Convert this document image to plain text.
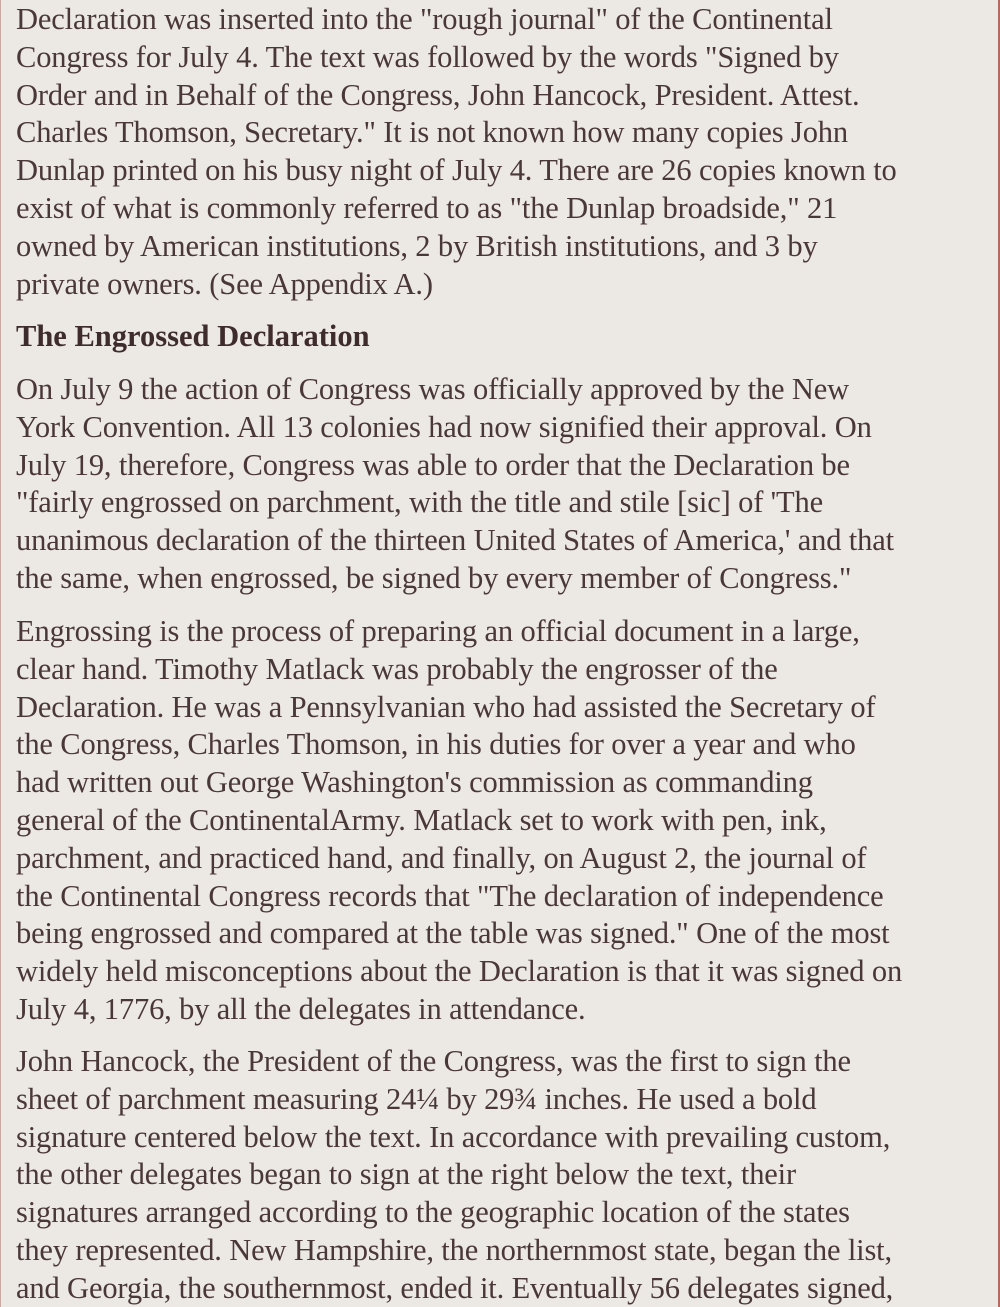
Declaration was inserted into the "rough journal" of the Continental
Congress for July 4. The text was followed by the words "Signed by
Order and in Behalf of the Congress, John Hancock, President. Attest.
Charles Thomson, Secretary." It is not known how many copies John
Dunlap printed on his busy night of July 4. There are 26 copies known to
exist of what is commonly referred to as "the Dunlap broadside," 21
owned by American institutions, 2 by British institutions, and 3 by
private owners. (See Appendix A.)

The Engrossed Declaration

On July 9 the action of Congress was officially approved by the New
York Convention. All 13 colonies had now signified their approval. On
July 19, therefore, Congress was able to order that the Declaration be
"fairly engrossed on parchment, with the title and stile [sic] of 'The
unanimous declaration of the thirteen United States of America,' and that
the same, when engrossed, be signed by every member of Congress."

Engrossing is the process of preparing an official document in a large,
clear hand. Timothy Matlack was probably the engrosser of the
Declaration. He was a Pennsylvanian who had assisted the Secretary of
the Congress, Charles Thomson, in his duties for over a year and who
had written out George Washington's commission as commanding
general of the ContinentalArmy. Matlack set to work with pen, ink,
parchment, and practiced hand, and finally, on August 2, the journal of
the Continental Congress records that "The declaration of independence
being engrossed and compared at the table was signed." One of the most
widely held misconceptions about the Declaration is that it was signed on
July 4, 1776, by all the delegates in attendance.

John Hancock, the President of the Congress, was the first to sign the
sheet of parchment measuring 24¼ by 29¾ inches. He used a bold
signature centered below the text. In accordance with prevailing custom,
the other delegates began to sign at the right below the text, their
signatures arranged according to the geographic location of the states
they represented. New Hampshire, the northernmost state, began the list,
and Georgia, the southernmost, ended it. Eventually 56 delegates signed,
